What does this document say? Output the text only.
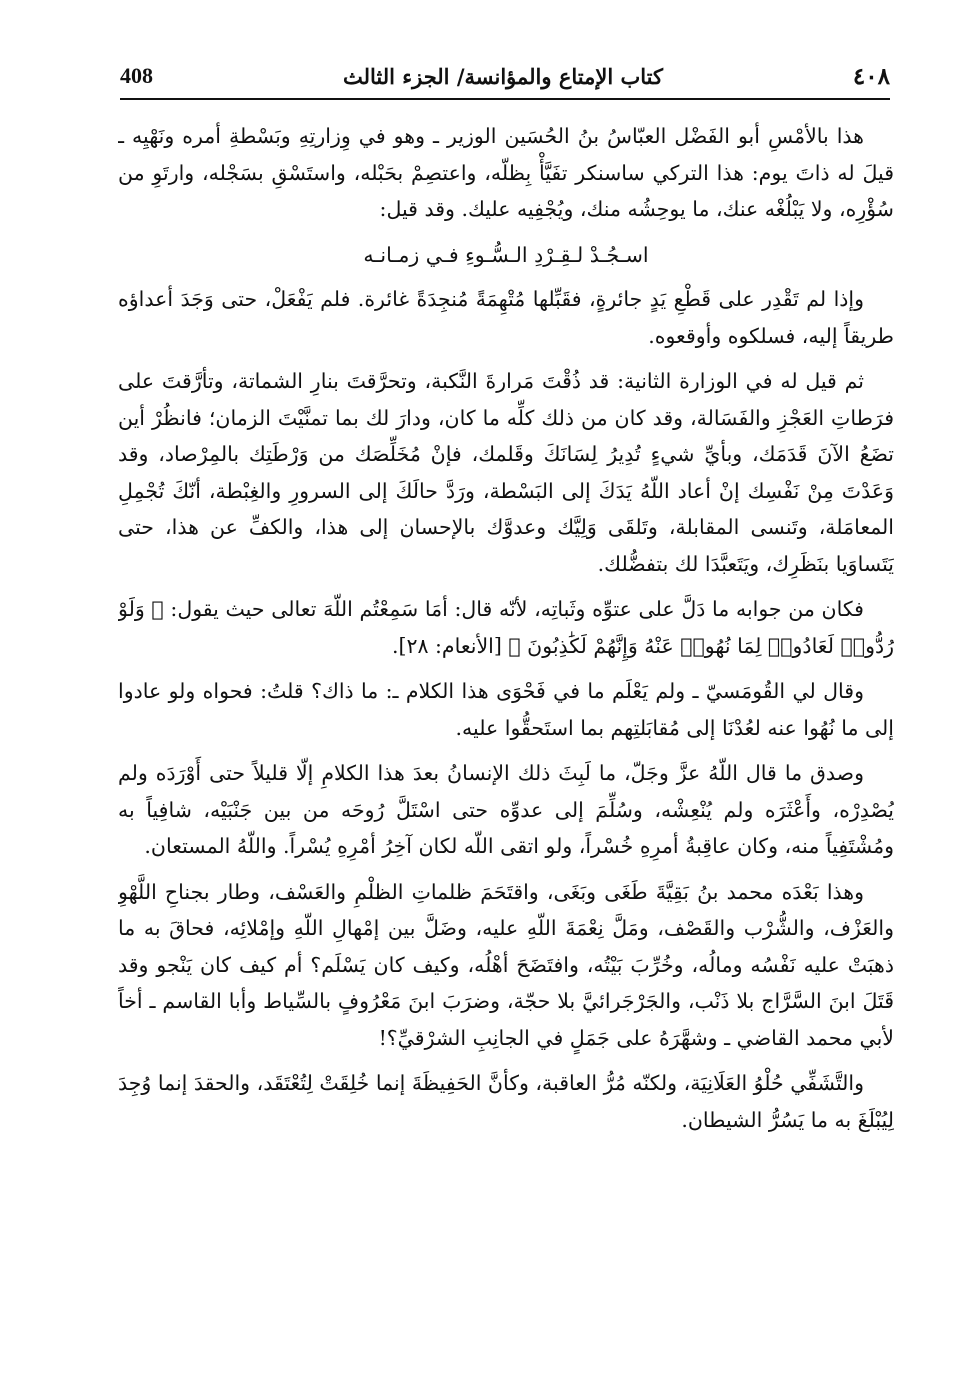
408	كتاب الإمتاع والمؤانسة/ الجزء الثالث	٤٠٨

هذا بالأمْسِ أبو الفَضْل العبّاسُ بنُ الحُسَين الوزير ـ وهو في وِزارتِهِ وبَسْطةِ أمره ونَهْيِه ـ قيلَ له ذاتَ يوم: هذا التركي ساسنكر تفَيَّأْ بِظلّه، واعتصِمْ بحَبْله، واستَسْقِ بسَجْله، وارتَوِ من سُؤْرِه، ولا يَبْلُغْه عنك، ما يوحِشُه منك، ويُجْفِيه عليك. وقد قيل:

اسـجُـدْ لـقِـرْدِ الـسُّـوءِ فـي زمـانـه

وإذا لم تَقْدِر على قَطْعِ يَدٍ جائرةٍ، فقَبِّلها مُتْهِمَةً مُنجِدَةً غائرة. فلم يَفْعَلْ، حتى وَجَدَ أعداؤه طريقاً إليه، فسلكوه وأوقعوه.

ثم قيل له في الوزارة الثانية: قد ذُقْتَ مَرارةَ النَّكبة، وتحرَّقتَ بنارِ الشماتة، وتأرَّقتَ على فرَطاتِ العَجْزِ والفَسَالة، وقد كان من ذلك كلِّه ما كان، ودارَ لك بما تمنَّيْتَ الزمان؛ فانظُرْ أين تضَعُ الآنَ قَدَمَك، وبأيِّ شيءٍ تُدِيرُ لِسَانَكَ وقَلمك، فإنْ مُخَلِّصَك من وَرْطَتِك بالمِرْصاد، وقد وَعَدْتَ مِنْ نَفْسِك إنْ أعاد اللّهُ يَدَكَ إلى البَسْطة، ورَدَّ حالَكَ إلى السرورِ والغِبْطة، أنّكَ تُجْمِلِ المعامَلة، وتَنسى المقابلة، وتَلقَى وَلِيَّك وعدوَّك بالإحسان إلى هذا، والكفِّ عن هذا، حتى يَتَساوَيا بنَظَرِك، ويَتَعبَّدَا لك بتفضُّلك.

فكان من جوابه ما دَلَّ على عتوِّه وثَباتِه، لأنّه قال: أمَا سَمِعْتُم اللّهَ تعالى حيث يقول: ﴿ وَلَوْ رُدُّوا۟ لَعَادُوا۟ لِمَا نُهُوا۟ عَنْهُ وَإِنَّهُمْ لَكَٰذِبُونَ ﴾ [الأنعام: ٢٨].

وقال لي القُومَسيّ ـ ولم يَعْلَم ما في فَحْوَى هذا الكلام ـ: ما ذاك؟ قلتُ: فحواه ولو عادوا إلى ما نُهُوا عنه لعُدْنَا إلى مُقابَلتِهم بما استَحقُّوا عليه.

وصدق ما قال اللّهُ عزَّ وجَلّ، ما لَبِثَ ذلك الإنسانُ بعدَ هذا الكلامِ إلّا قليلاً حتى أَوْرَدَه ولم يُصْدِرْه، وأَعْثَرَه ولم يُنْعِشْه، وسُلِّمَ إلى عدوِّه حتى اسْتَلَّ رُوحَه من بين جَنْبَيْه، شافِياً به ومُشْتَفِياً منه، وكان عاقِبةُ أمرِهِ خُسْراً، ولو اتقى اللّه لكان آخِرُ أمْرِهِ يُسْراً. واللّهُ المستعان.

وهذا بَعْدَه محمد بنُ بَقِيَّةَ طَغَى وبَغَى، واقتَحَمَ ظلماتِ الظلْمِ والعَسْف، وطار بجناحِ اللَّهْوِ والعَزْف، والشُّرْب والقَصْف، ومَلَّ نِعْمَةَ اللّهِ عليه، وضَلَّ بين إمْهالِ اللّهِ وإمْلائِه، فحاقَ به ما ذهبَتْ عليه نَفْسُه ومالُه، وخُرِّبَ بَيْتُه، وافتَضَحَ أهْلُه، وكيف كان يَسْلَم؟ أم كيف كان يَنْجو وقد قَتَلَ ابنَ السَّرَّاج بلا ذَنْب، والجَرْجَرائيَّ بلا حجّة، وضرَبَ ابنَ مَعْرُوفٍ بالسِّياط وأبا القاسم ـ أخاً لأبي محمد القاضي ـ وشهَّرَهُ على جَمَلٍ في الجانِبِ الشرْقيِّ؟!

والتَّشَفِّي حُلْوُ العَلَانِيَة، ولكنّه مُرُّ العاقبة، وكأنَّ الحَفِيظَةَ إنما خُلِقَتْ لِتُعْتَقَد، والحقدَ إنما وُجِدَ لِيُبْلَغَ به ما يَسُرُّ الشيطان.
